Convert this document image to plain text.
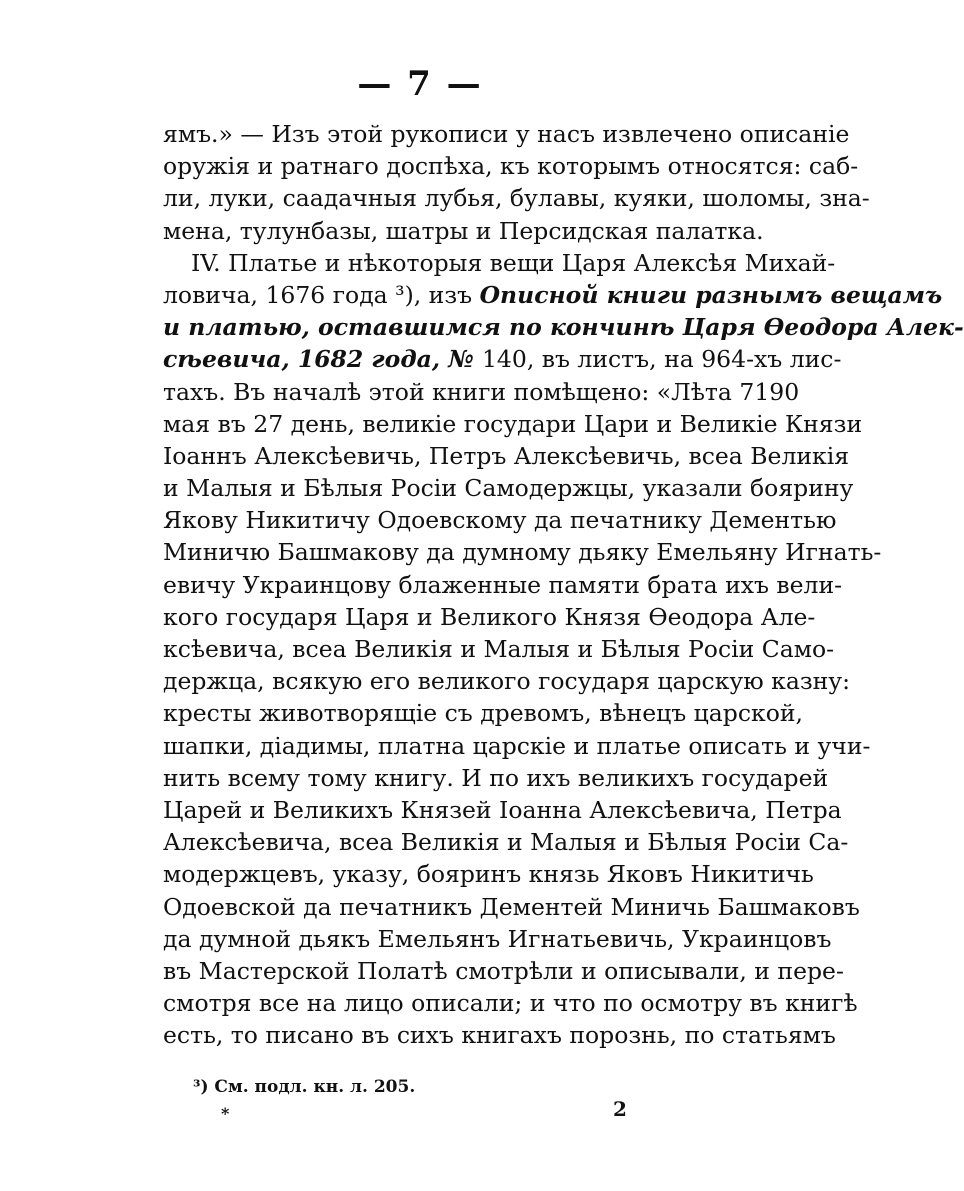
— 7 —
ямъ.» — Изъ этой рукописи у насъ извлечено описаніе
оружія и ратнаго доспѣха, къ которымъ относятся: саб-
ли, луки, саадачныя лубья, булавы, куяки, шоломы, зна-
мена, тулунбазы, шатры и Персидская палатка.
IV. Платье и нѣкоторыя вещи Царя Алексѣя Михай-
ловича, 1676 года ³), изъ Описной книги разнымъ вещамъ
и платью, оставшимся по кончинѣ Царя Ѳеодора Алек-
сѣевича, 1682 года, № 140, въ листъ, на 964-хъ лис-
тахъ. Въ началѣ этой книги помѣщено: «Лѣта 7190
мая въ 27 день, великіе государи Цари и Великіе Князи
Іоаннъ Алексѣевичь, Петръ Алексѣевичь, всеа Великія
и Малыя и Бѣлыя Росіи Самодержцы, указали боярину
Якову Никитичу Одоевскому да печатнику Дементью
Миничю Башмакову да думному дьяку Емельяну Игнать-
евичу Украинцову блаженные памяти брата ихъ вели-
кого государя Царя и Великого Князя Ѳеодора Але-
ксѣевича, всеа Великія и Малыя и Бѣлыя Росіи Само-
держца, всякую его великого государя царскую казну:
кресты животворящіе съ древомъ, вѣнецъ царской,
шапки, діадимы, платна царскіе и платье описать и учи-
нить всему тому книгу. И по ихъ великихъ государей
Царей и Великихъ Князей Іоанна Алексѣевича, Петра
Алексѣевича, всеа Великія и Малыя и Бѣлыя Росіи Са-
модержцевъ, указу, бояринъ князь Яковъ Никитичь
Одоевской да печатникъ Дементей Миничь Башмаковъ
да думной дьякъ Емельянъ Игнатьевичь, Украинцовъ
въ Мастерской Полатѣ смотрѣли и описывали, и пере-
смотря все на лицо описали; и что по осмотру въ книгѣ
есть, то писано въ сихъ книгахъ порознь, по статьямъ
³) См. подл. кн. л. 205.
*	2
